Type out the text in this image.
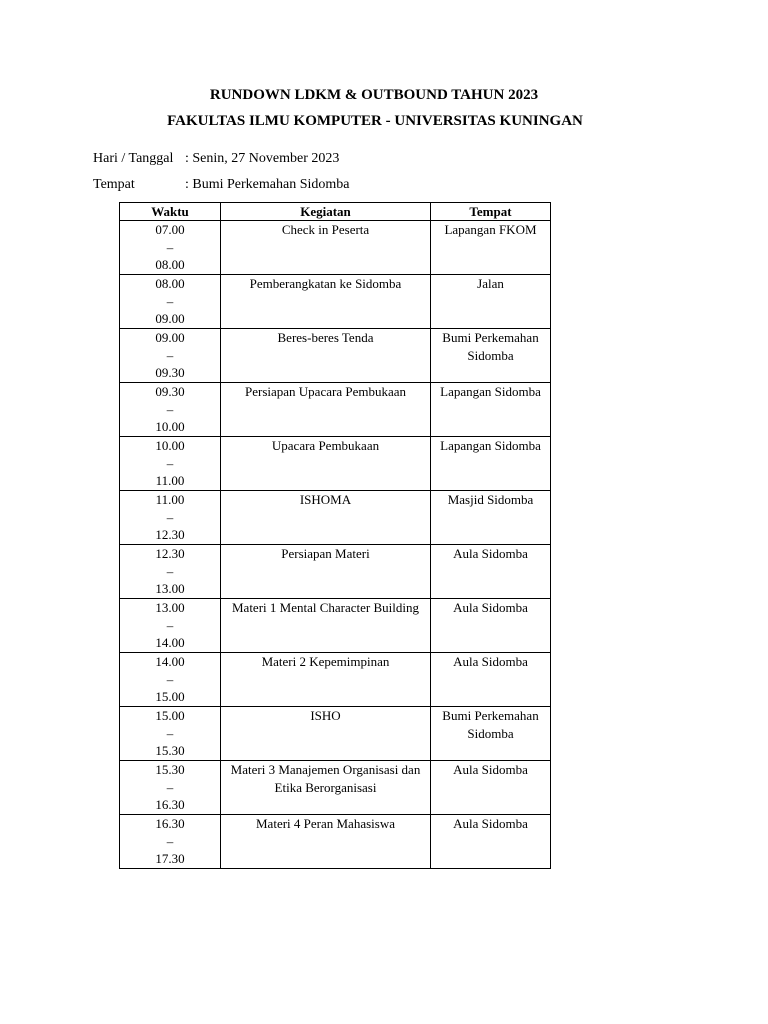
RUNDOWN LDKM & OUTBOUND TAHUN 2023
FAKULTAS ILMU KOMPUTER - UNIVERSITAS KUNINGAN
Hari / Tanggal : Senin, 27 November 2023
Tempat	: Bumi Perkemahan Sidomba
Waktu	Kegiatan	Tempat

07.00
–
08.00	Check in Peserta	Lapangan FKOM

08.00
–
09.00	Pemberangkatan ke Sidomba	Jalan

09.00
–
09.30	Beres-beres Tenda	Bumi Perkemahan Sidomba

09.30
–
10.00	Persiapan Upacara Pembukaan	Lapangan Sidomba

10.00
–
11.00	Upacara Pembukaan	Lapangan Sidomba

11.00
–
12.30	ISHOMA	Masjid Sidomba

12.30
–
13.00	Persiapan Materi	Aula Sidomba

13.00
–
14.00	Materi 1 Mental Character Building	Aula Sidomba

14.00
–
15.00	Materi 2 Kepemimpinan	Aula Sidomba

15.00
–
15.30	ISHO	Bumi Perkemahan Sidomba

15.30
–
16.30	Materi 3 Manajemen Organisasi dan Etika Berorganisasi	Aula Sidomba

16.30
–
17.30	Materi 4 Peran Mahasiswa	Aula Sidomba
